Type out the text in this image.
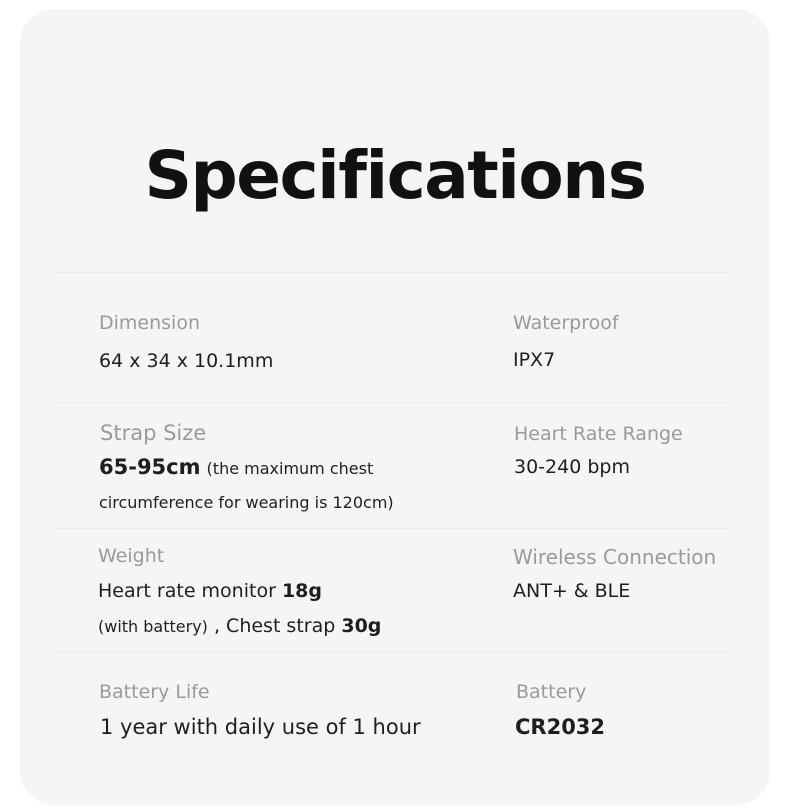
Specifications
Dimension
64 x 34 x 10.1mm
Waterproof
IPX7
Strap Size
65-95cm (the maximum chest
circumference for wearing is 120cm)
Heart Rate Range
30-240 bpm
Weight
Heart rate monitor 18g
(with battery) , Chest strap 30g
Wireless Connection
ANT+ & BLE
Battery Life
1 year with daily use of 1 hour
Battery
CR2032
